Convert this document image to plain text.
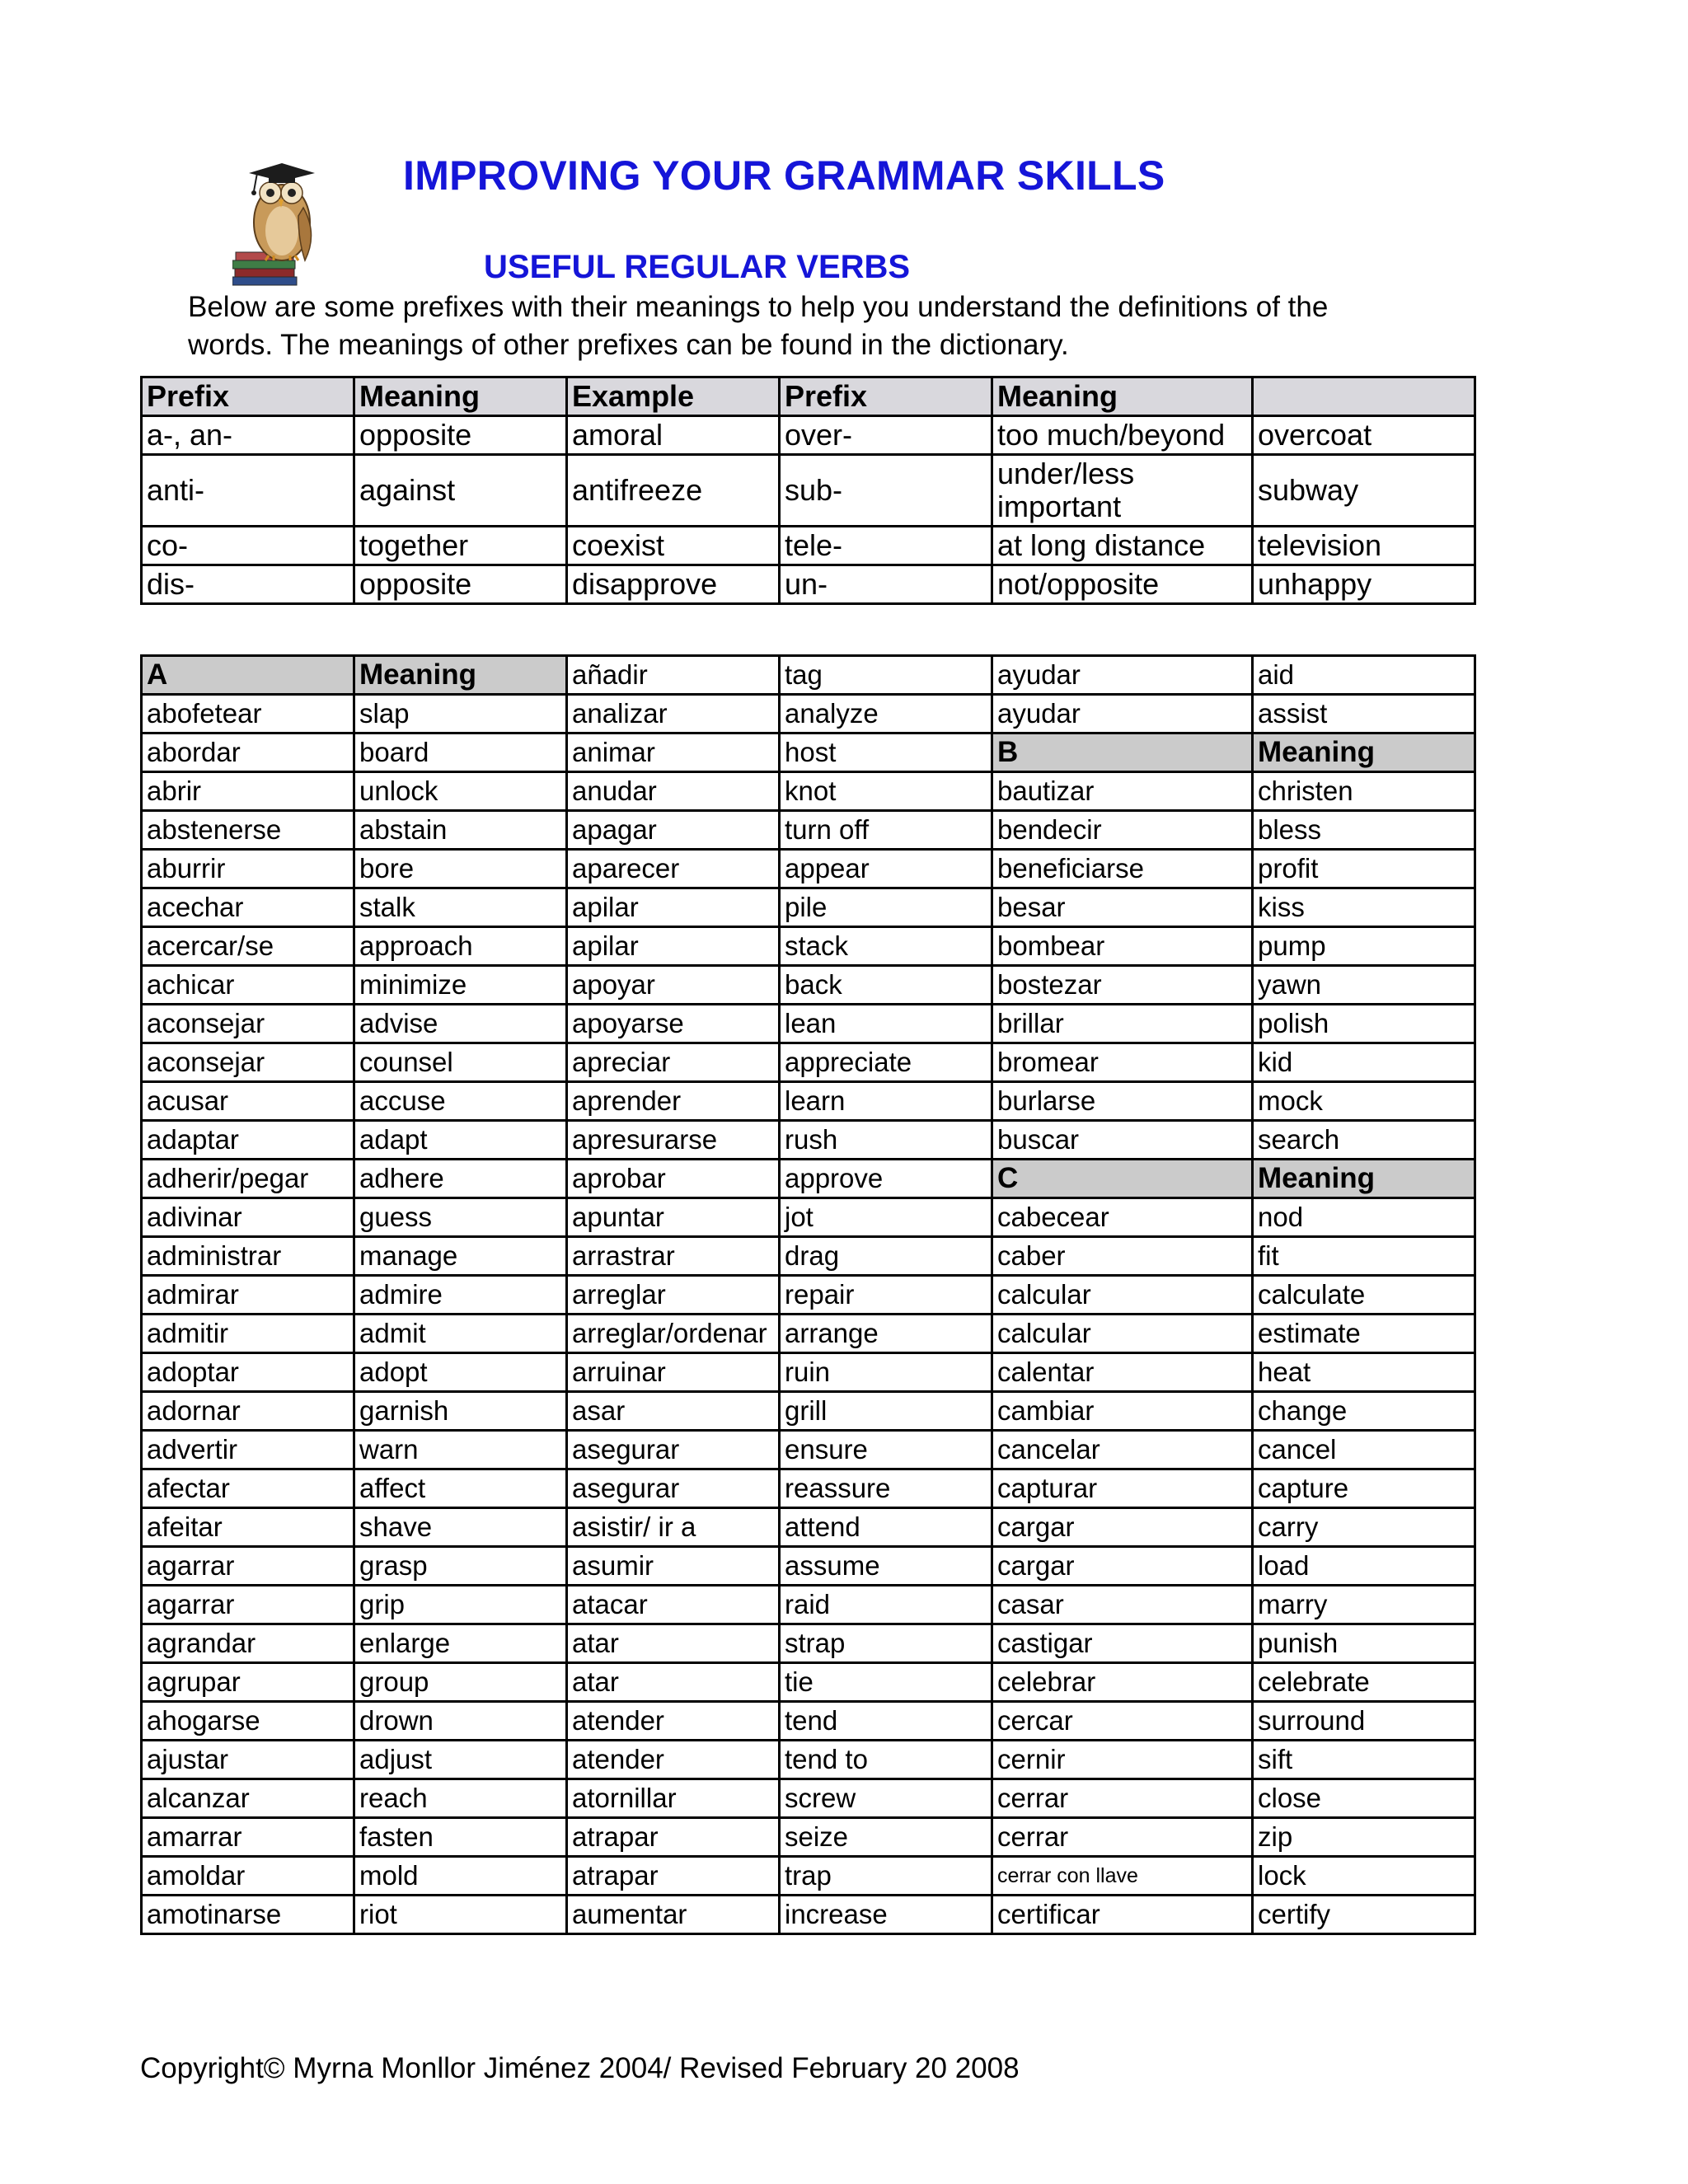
IMPROVING YOUR GRAMMAR SKILLS
USEFUL REGULAR VERBS
Below are some prefixes with their meanings to help you understand the definitions of the
words. The meanings of other prefixes can be found in the dictionary.
Prefix	Meaning	Example	Prefix	Meaning	
a-, an-	opposite	amoral	over-	too much/beyond	overcoat
anti-	against	antifreeze	sub-	under/less important	subway
co-	together	coexist	tele-	at long distance	television
dis-	opposite	disapprove	un-	not/opposite	unhappy
A	Meaning	añadir	tag	ayudar	aid
abofetear	slap	analizar	analyze	ayudar	assist
abordar	board	animar	host	B	Meaning
abrir	unlock	anudar	knot	bautizar	christen
abstenerse	abstain	apagar	turn off	bendecir	bless
aburrir	bore	aparecer	appear	beneficiarse	profit
acechar	stalk	apilar	pile	besar	kiss
acercar/se	approach	apilar	stack	bombear	pump
achicar	minimize	apoyar	back	bostezar	yawn
aconsejar	advise	apoyarse	lean	brillar	polish
aconsejar	counsel	apreciar	appreciate	bromear	kid
acusar	accuse	aprender	learn	burlarse	mock
adaptar	adapt	apresurarse	rush	buscar	search
adherir/pegar	adhere	aprobar	approve	C	Meaning
adivinar	guess	apuntar	jot	cabecear	nod
administrar	manage	arrastrar	drag	caber	fit
admirar	admire	arreglar	repair	calcular	calculate
admitir	admit	arreglar/ordenar	arrange	calcular	estimate
adoptar	adopt	arruinar	ruin	calentar	heat
adornar	garnish	asar	grill	cambiar	change
advertir	warn	asegurar	ensure	cancelar	cancel
afectar	affect	asegurar	reassure	capturar	capture
afeitar	shave	asistir/ ir a	attend	cargar	carry
agarrar	grasp	asumir	assume	cargar	load
agarrar	grip	atacar	raid	casar	marry
agrandar	enlarge	atar	strap	castigar	punish
agrupar	group	atar	tie	celebrar	celebrate
ahogarse	drown	atender	tend	cercar	surround
ajustar	adjust	atender	tend to	cernir	sift
alcanzar	reach	atornillar	screw	cerrar	close
amarrar	fasten	atrapar	seize	cerrar	zip
amoldar	mold	atrapar	trap	cerrar con llave	lock
amotinarse	riot	aumentar	increase	certificar	certify
Copyright© Myrna Monllor Jiménez 2004/ Revised February 20 2008
